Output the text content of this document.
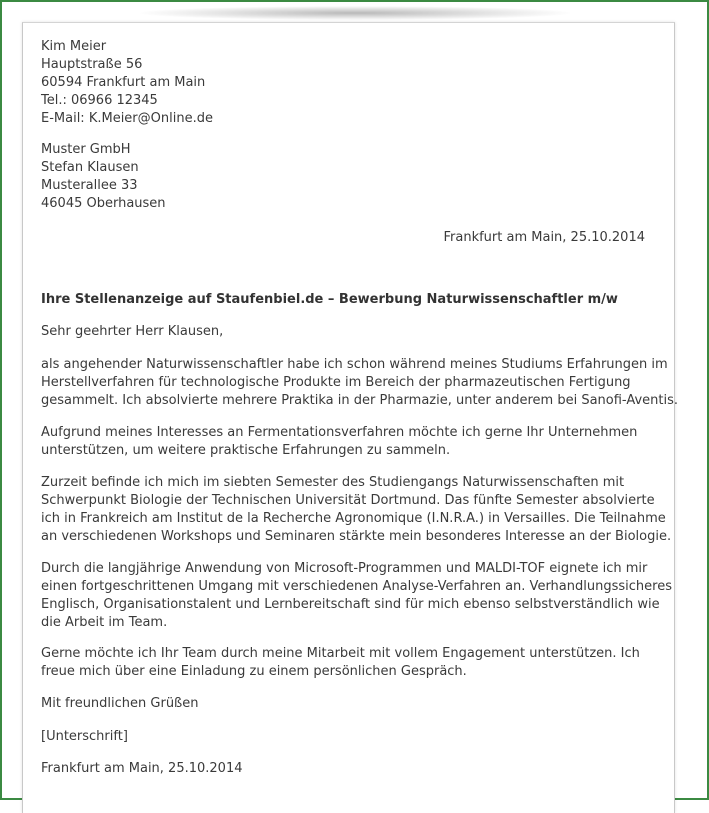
Kim Meier
Hauptstraße 56
60594 Frankfurt am Main
Tel.: 06966 12345
E-Mail: K.Meier@Online.de
Muster GmbH
Stefan Klausen
Musterallee 33
46045 Oberhausen
Frankfurt am Main, 25.10.2014
Ihre Stellenanzeige auf Staufenbiel.de – Bewerbung Naturwissenschaftler m/w
Sehr geehrter Herr Klausen,
als angehender Naturwissenschaftler habe ich schon während meines Studiums Erfahrungen im
Herstellverfahren für technologische Produkte im Bereich der pharmazeutischen Fertigung
gesammelt. Ich absolvierte mehrere Praktika in der Pharmazie, unter anderem bei Sanofi-Aventis.
Aufgrund meines Interesses an Fermentationsverfahren möchte ich gerne Ihr Unternehmen
unterstützen, um weitere praktische Erfahrungen zu sammeln.
Zurzeit befinde ich mich im siebten Semester des Studiengangs Naturwissenschaften mit
Schwerpunkt Biologie der Technischen Universität Dortmund. Das fünfte Semester absolvierte
ich in Frankreich am Institut de la Recherche Agronomique (I.N.R.A.) in Versailles. Die Teilnahme
an verschiedenen Workshops und Seminaren stärkte mein besonderes Interesse an der Biologie.
Durch die langjährige Anwendung von Microsoft-Programmen und MALDI-TOF eignete ich mir
einen fortgeschrittenen Umgang mit verschiedenen Analyse-Verfahren an. Verhandlungssicheres
Englisch, Organisationstalent und Lernbereitschaft sind für mich ebenso selbstverständlich wie
die Arbeit im Team.
Gerne möchte ich Ihr Team durch meine Mitarbeit mit vollem Engagement unterstützen. Ich
freue mich über eine Einladung zu einem persönlichen Gespräch.
Mit freundlichen Grüßen
[Unterschrift]
Frankfurt am Main, 25.10.2014
